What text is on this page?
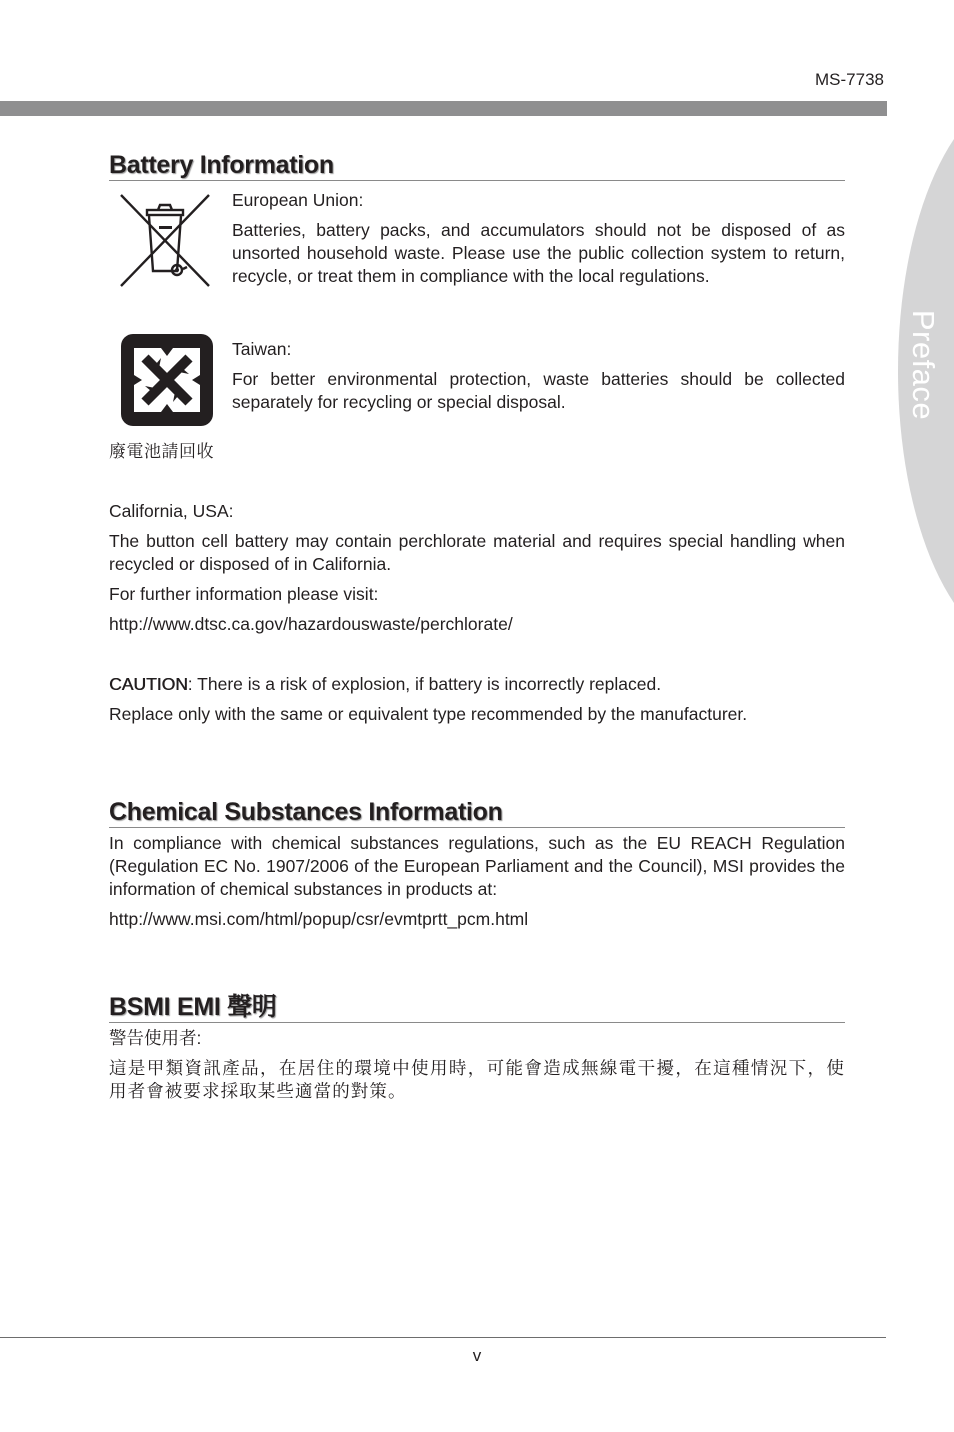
MS-7738
Preface
Battery Information

European Union:

Batteries, battery packs, and accumulators should not be disposed of as unsorted household waste. Please use the public collection system to return, recycle, or treat them in compliance with the local regulations.

廢電池請回收

Taiwan:

For better environmental protection, waste batteries should be collected separately for recycling or special disposal.

California, USA:

The button cell battery may contain perchlorate material and requires special handling when recycled or disposed of in California.

For further information please visit:

http://www.dtsc.ca.gov/hazardouswaste/perchlorate/

CAUTION: There is a risk of explosion, if battery is incorrectly replaced.

Replace only with the same or equivalent type recommended by the manufacturer.

Chemical Substances Information

In compliance with chemical substances regulations, such as the EU REACH Regulation (Regulation EC No. 1907/2006 of the European Parliament and the Council), MSI provides the information of chemical substances in products at:

http://www.msi.com/html/popup/csr/evmtprtt_pcm.html

BSMI EMI 聲明

警告使用者:

這是甲類資訊產品，在居住的環境中使用時，可能會造成無線電干擾，在這種情況下，使用者會被要求採取某些適當的對策。

v
